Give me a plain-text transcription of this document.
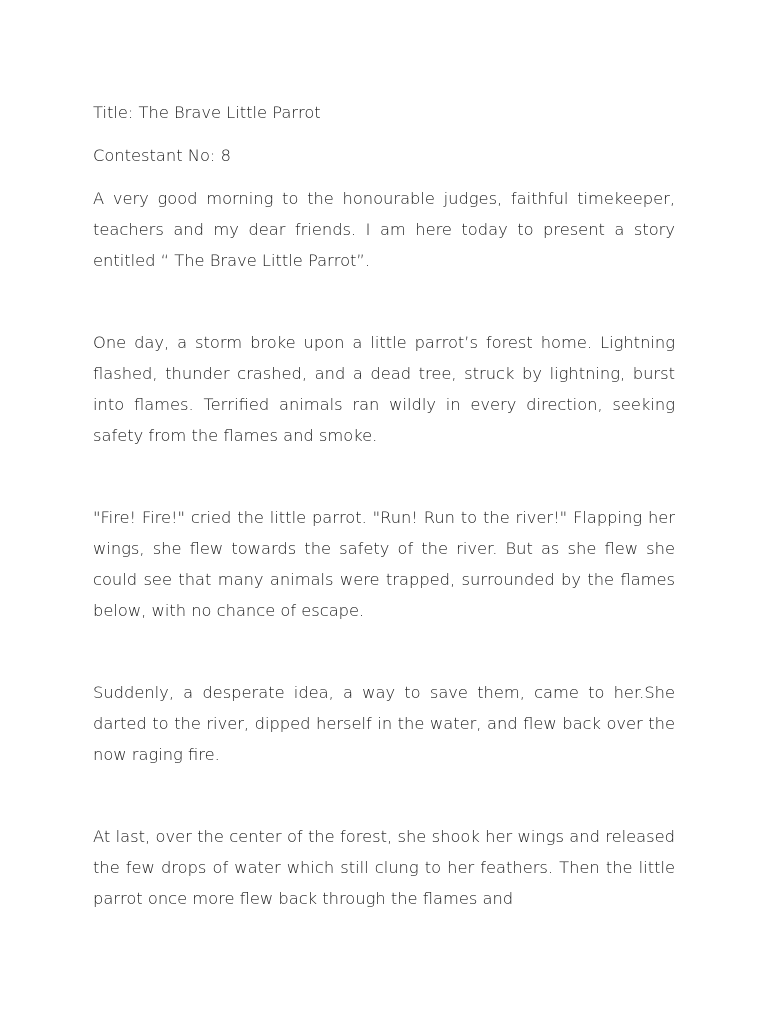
Title: The Brave Little Parrot
Contestant No: 8

A very good morning to the honourable judges, faithful timekeeper, teachers and my dear friends. I am here today to present a story entitled “ The Brave Little Parrot”.

One day, a storm broke upon a little parrot’s forest home. Lightning flashed, thunder crashed, and a dead tree, struck by lightning, burst into flames. Terrified animals ran wildly in every direction, seeking safety from the flames and smoke.

"Fire! Fire!" cried the little parrot. "Run! Run to the river!" Flapping her wings, she flew towards the safety of the river. But as she flew she could see that many animals were trapped, surrounded by the flames below, with no chance of escape.

Suddenly, a desperate idea, a way to save them, came to her.She darted to the river, dipped herself in the water, and flew back over the now raging fire.

At last, over the center of the forest, she shook her wings and released the few drops of water which still clung to her feathers. Then the little parrot once more flew back through the flames and
